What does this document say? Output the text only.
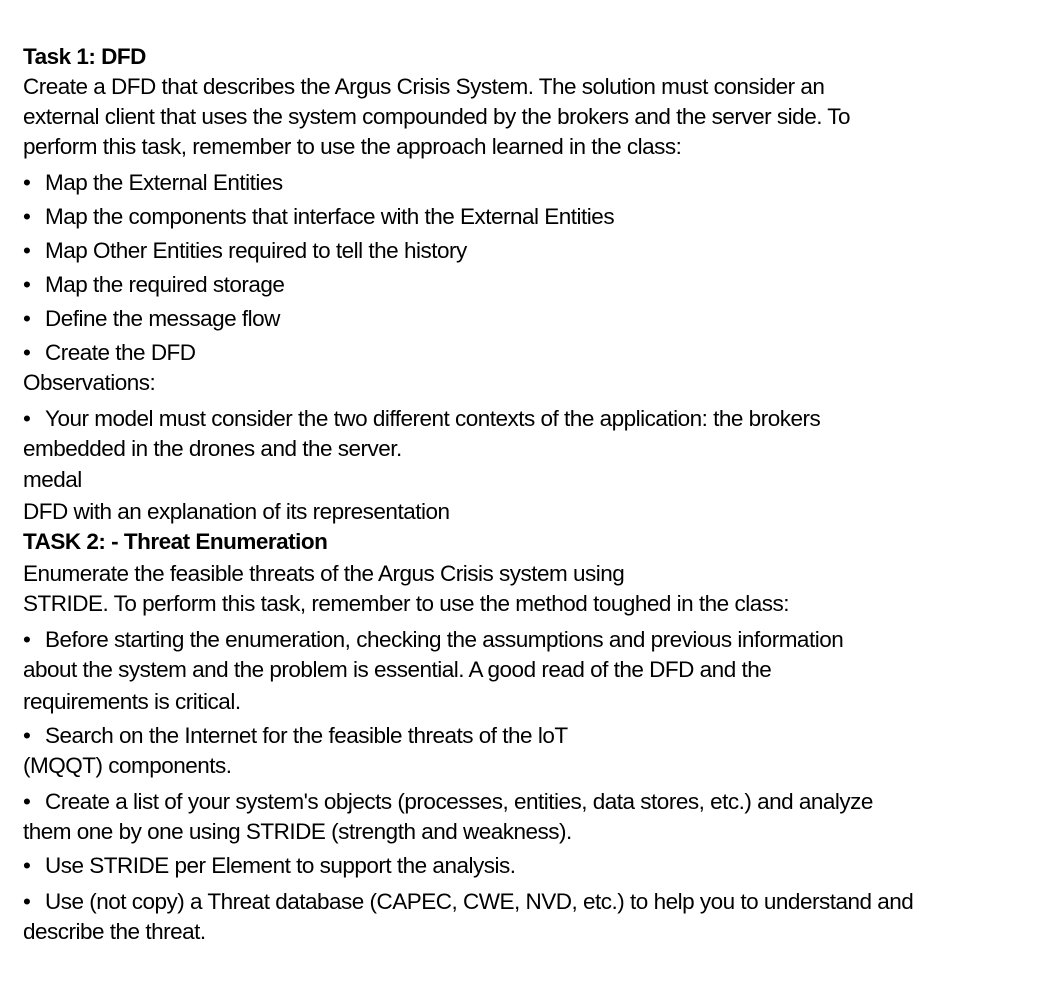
Task 1: DFD
Create a DFD that describes the Argus Crisis System. The solution must consider an
external client that uses the system compounded by the brokers and the server side. To
perform this task, remember to use the approach learned in the class:
• Map the External Entities
• Map the components that interface with the External Entities
• Map Other Entities required to tell the history
• Map the required storage
• Define the message flow
• Create the DFD
Observations:
• Your model must consider the two different contexts of the application: the brokers
embedded in the drones and the server.
medal
DFD with an explanation of its representation
TASK 2: - Threat Enumeration
Enumerate the feasible threats of the Argus Crisis system using
STRIDE. To perform this task, remember to use the method toughed in the class:
• Before starting the enumeration, checking the assumptions and previous information
about the system and the problem is essential. A good read of the DFD and the
requirements is critical.
• Search on the Internet for the feasible threats of the loT
(MQQT) components.
• Create a list of your system's objects (processes, entities, data stores, etc.) and analyze
them one by one using STRIDE (strength and weakness).
• Use STRIDE per Element to support the analysis.
• Use (not copy) a Threat database (CAPEC, CWE, NVD, etc.) to help you to understand and
describe the threat.
